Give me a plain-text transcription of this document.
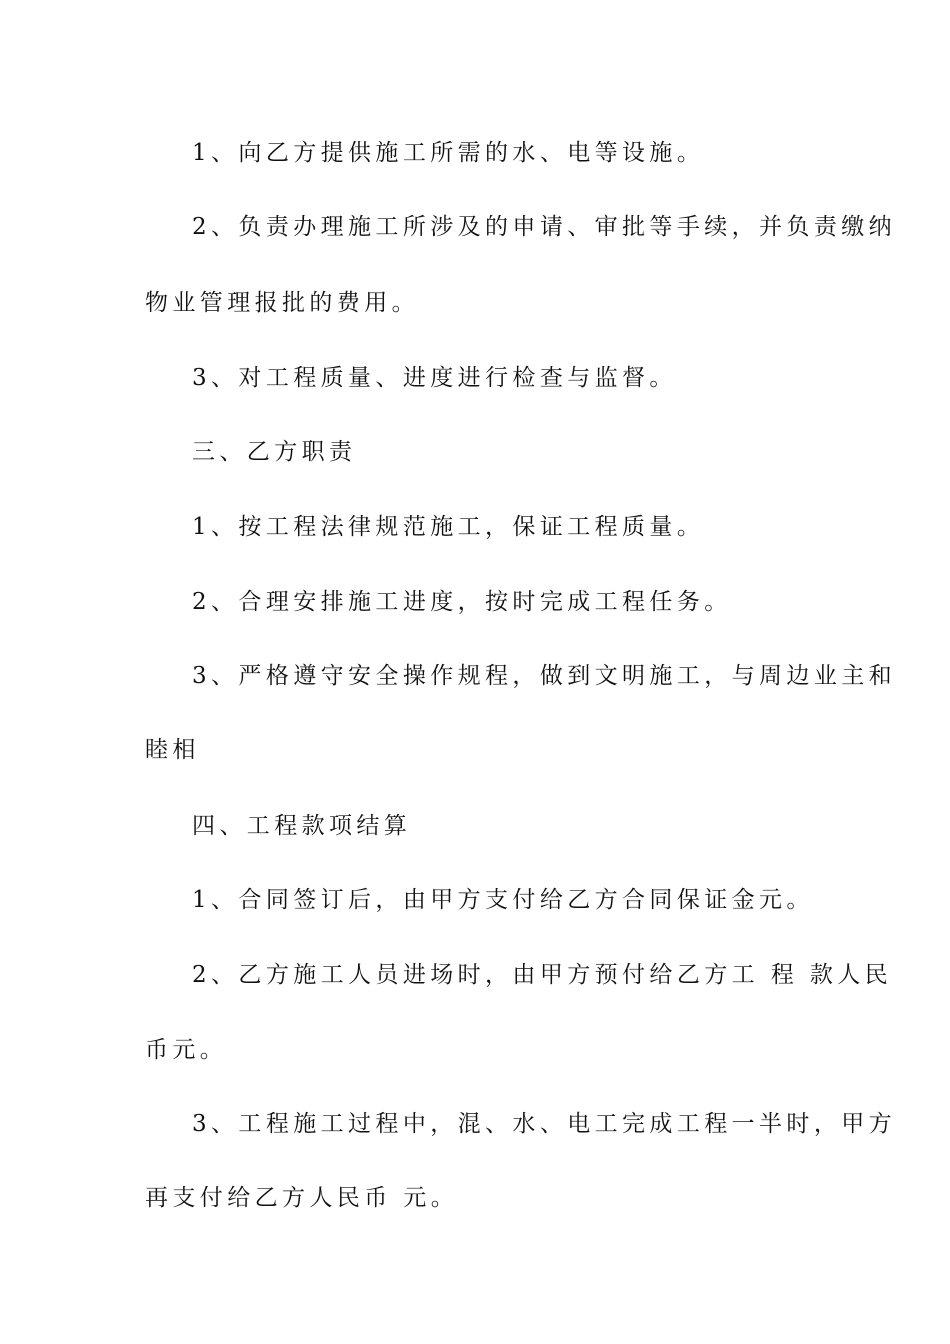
1、向乙方提供施工所需的水、电等设施。

2、负责办理施工所涉及的申请、审批等手续，并负责缴纳

物业管理报批的费用。

3、对工程质量、进度进行检查与监督。

三、乙方职责

1、按工程法律规范施工，保证工程质量。

2、合理安排施工进度，按时完成工程任务。

3、严格遵守安全操作规程，做到文明施工，与周边业主和

睦相

四、工程款项结算

1、合同签订后，由甲方支付给乙方合同保证金元。

2、乙方施工人员进场时，由甲方预付给乙方工 程 款人民

币元。

3、工程施工过程中，混、水、电工完成工程一半时，甲方

再支付给乙方人民币 元。
